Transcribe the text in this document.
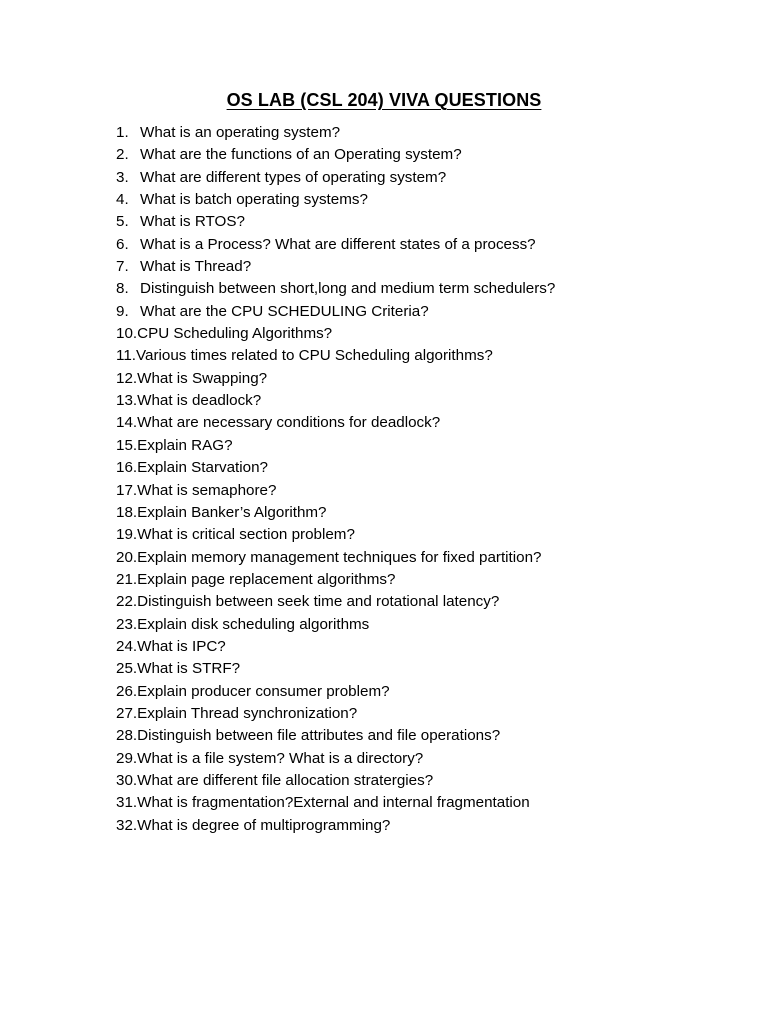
OS LAB (CSL 204) VIVA QUESTIONS
1. What is an operating system?
2. What are the functions of an Operating system?
3. What are different types of operating system?
4. What is batch operating systems?
5. What is RTOS?
6. What is a Process? What are different states of a process?
7. What is Thread?
8. Distinguish between short,long and medium term schedulers?
9. What are the CPU SCHEDULING Criteria?
10. CPU Scheduling Algorithms?
11. Various times related to CPU Scheduling algorithms?
12. What is Swapping?
13. What is deadlock?
14. What are necessary conditions for deadlock?
15. Explain RAG?
16. Explain Starvation?
17. What is semaphore?
18. Explain Banker’s Algorithm?
19. What is critical section problem?
20. Explain memory management techniques for fixed partition?
21. Explain page replacement algorithms?
22. Distinguish between seek time and rotational latency?
23. Explain disk scheduling algorithms
24. What is IPC?
25. What is STRF?
26. Explain producer consumer problem?
27. Explain Thread synchronization?
28. Distinguish between file attributes and file operations?
29. What is a file system? What is a directory?
30. What are different file allocation stratergies?
31. What is fragmentation?External and internal fragmentation
32. What is degree of multiprogramming?
